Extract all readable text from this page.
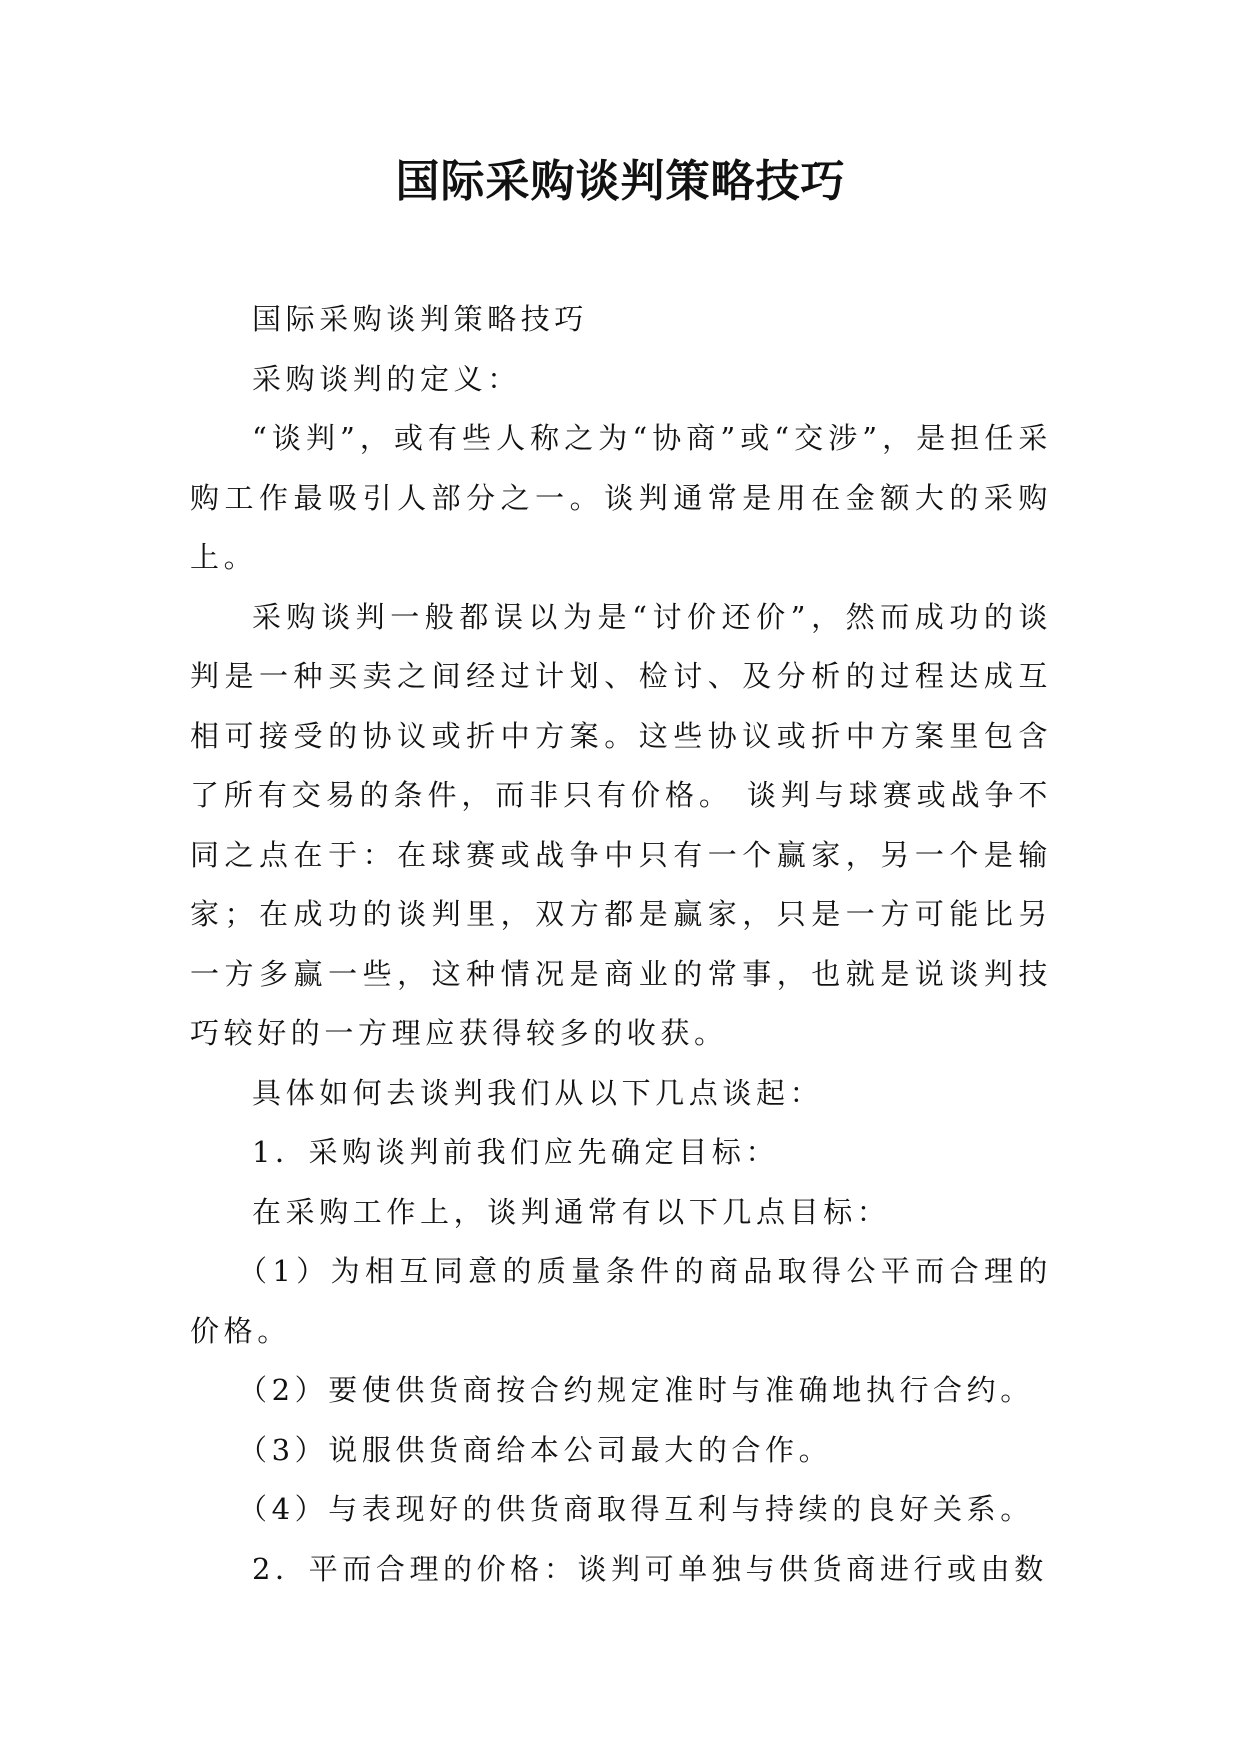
国际采购谈判策略技巧

国际采购谈判策略技巧

采购谈判的定义：

“谈判”，或有些人称之为“协商”或“交涉”，是担任采购工作最吸引人部分之一。谈判通常是用在金额大的采购上。

采购谈判一般都误以为是“讨价还价”，然而成功的谈判是一种买卖之间经过计划、检讨、及分析的过程达成互相可接受的协议或折中方案。这些协议或折中方案里包含了所有交易的条件，而非只有价格。 谈判与球赛或战争不同之点在于：在球赛或战争中只有一个赢家，另一个是输家；在成功的谈判里，双方都是赢家，只是一方可能比另一方多赢一些，这种情况是商业的常事，也就是说谈判技巧较好的一方理应获得较多的收获。

具体如何去谈判我们从以下几点谈起：

1．采购谈判前我们应先确定目标：

在采购工作上，谈判通常有以下几点目标：

（1）为相互同意的质量条件的商品取得公平而合理的价格。

（2）要使供货商按合约规定准时与准确地执行合约。

（3）说服供货商给本公司最大的合作。

（4）与表现好的供货商取得互利与持续的良好关系。

2．平而合理的价格：谈判可单独与供货商进行或由数
